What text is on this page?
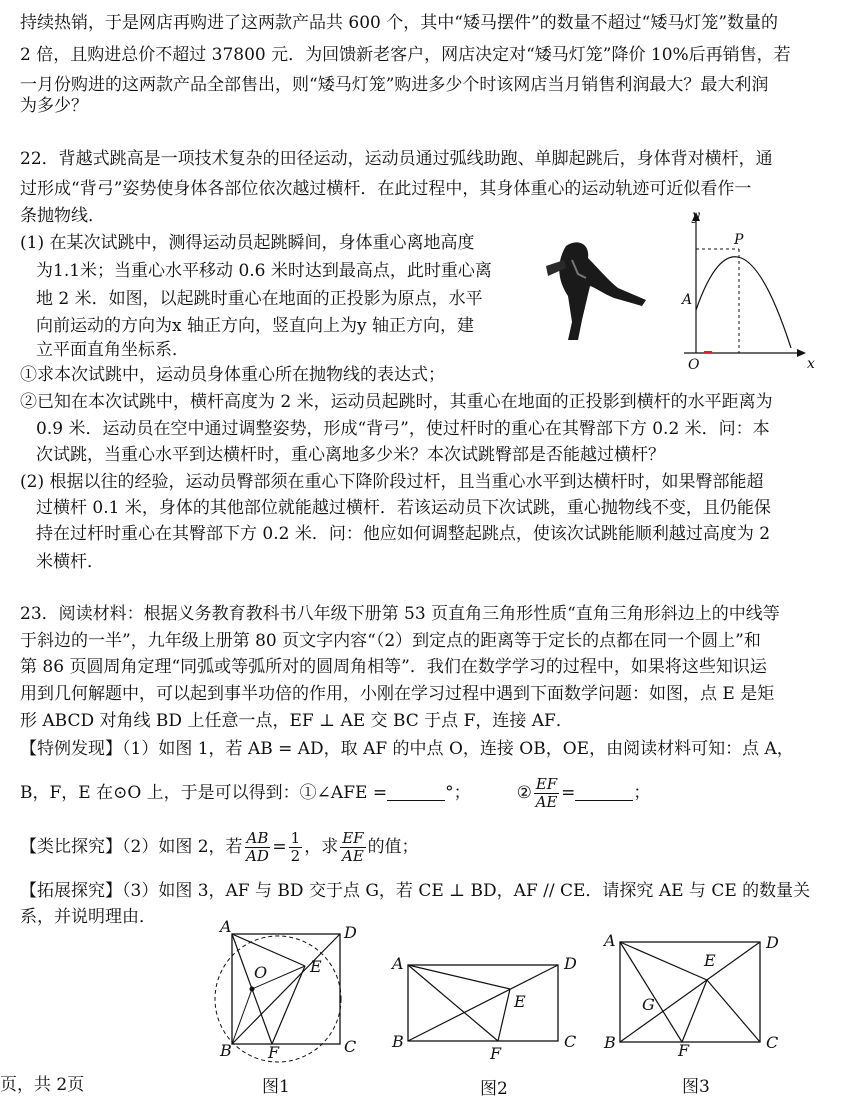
持续热销，于是网店再购进了这两款产品共 600 个，其中“矮马摆件”的数量不超过“矮马灯笼”数量的
2 倍，且购进总价不超过 37800 元．为回馈新老客户，网店决定对“矮马灯笼”降价 10%后再销售，若
一月份购进的这两款产品全部售出，则“矮马灯笼”购进多少个时该网店当月销售利润最大？最大利润
为多少？
22．背越式跳高是一项技术复杂的田径运动，运动员通过弧线助跑、单脚起跳后，身体背对横杆，通
过形成“背弓”姿势使身体各部位依次越过横杆．在此过程中，其身体重心的运动轨迹可近似看作一
条抛物线．
(1) 在某次试跳中，测得运动员起跳瞬间，身体重心离地高度
为1.1米；当重心水平移动 0.6 米时达到最高点，此时重心离
地 2 米．如图，以起跳时重心在地面的正投影为原点，水平
向前运动的方向为x 轴正方向，竖直向上为y 轴正方向，建
立平面直角坐标系．
①求本次试跳中，运动员身体重心所在抛物线的表达式；
②已知在本次试跳中，横杆高度为 2 米，运动员起跳时，其重心在地面的正投影到横杆的水平距离为
0.9 米．运动员在空中通过调整姿势，形成“背弓”，使过杆时的重心在其臀部下方 0.2 米．问：本
次试跳，当重心水平到达横杆时，重心离地多少米？本次试跳臀部是否能越过横杆？
(2) 根据以往的经验，运动员臀部须在重心下降阶段过杆，且当重心水平到达横杆时，如果臀部能超
过横杆 0.1 米，身体的其他部位就能越过横杆．若该运动员下次试跳，重心抛物线不变，且仍能保
持在过杆时重心在其臀部下方 0.2 米．问：他应如何调整起跳点，使该次试跳能顺利越过高度为 2
米横杆．
y
x
P
A
O
23．阅读材料：根据义务教育教科书八年级下册第 53 页直角三角形性质“直角三角形斜边上的中线等
于斜边的一半”，九年级上册第 80 页文字内容“（2）到定点的距离等于定长的点都在同一个圆上”和
第 86 页圆周角定理“同弧或等弧所对的圆周角相等”．我们在数学学习的过程中，如果将这些知识运
用到几何解题中，可以起到事半功倍的作用，小刚在学习过程中遇到下面数学问题：如图，点 E 是矩
形 ABCD 对角线 BD 上任意一点，EF ⊥ AE 交 BC 于点 F，连接 AF．
【特例发现】（1）如图 1，若 AB = AD，取 AF 的中点 O，连接 OB，OE，由阅读材料可知：点 A，
B，F，E 在⊙O 上，于是可以得到：①∠AFE =	°；	② $\frac{EF}{AE}$ =	；
【类比探究】（2）如图 2，若 $\frac{AB}{AD} = \frac{1}{2}$ ，求 $\frac{EF}{AE}$ 的值；
【拓展探究】（3）如图 3，AF 与 BD 交于点 G，若 CE ⊥ BD，AF // CE．请探究 AE 与 CE 的数量关
系，并说明理由．	A	D
B	C
E
F
O
图1
A	D
B	C
E
F
图2
A	D
B	C
E
F
G
图3
页，共 2页
